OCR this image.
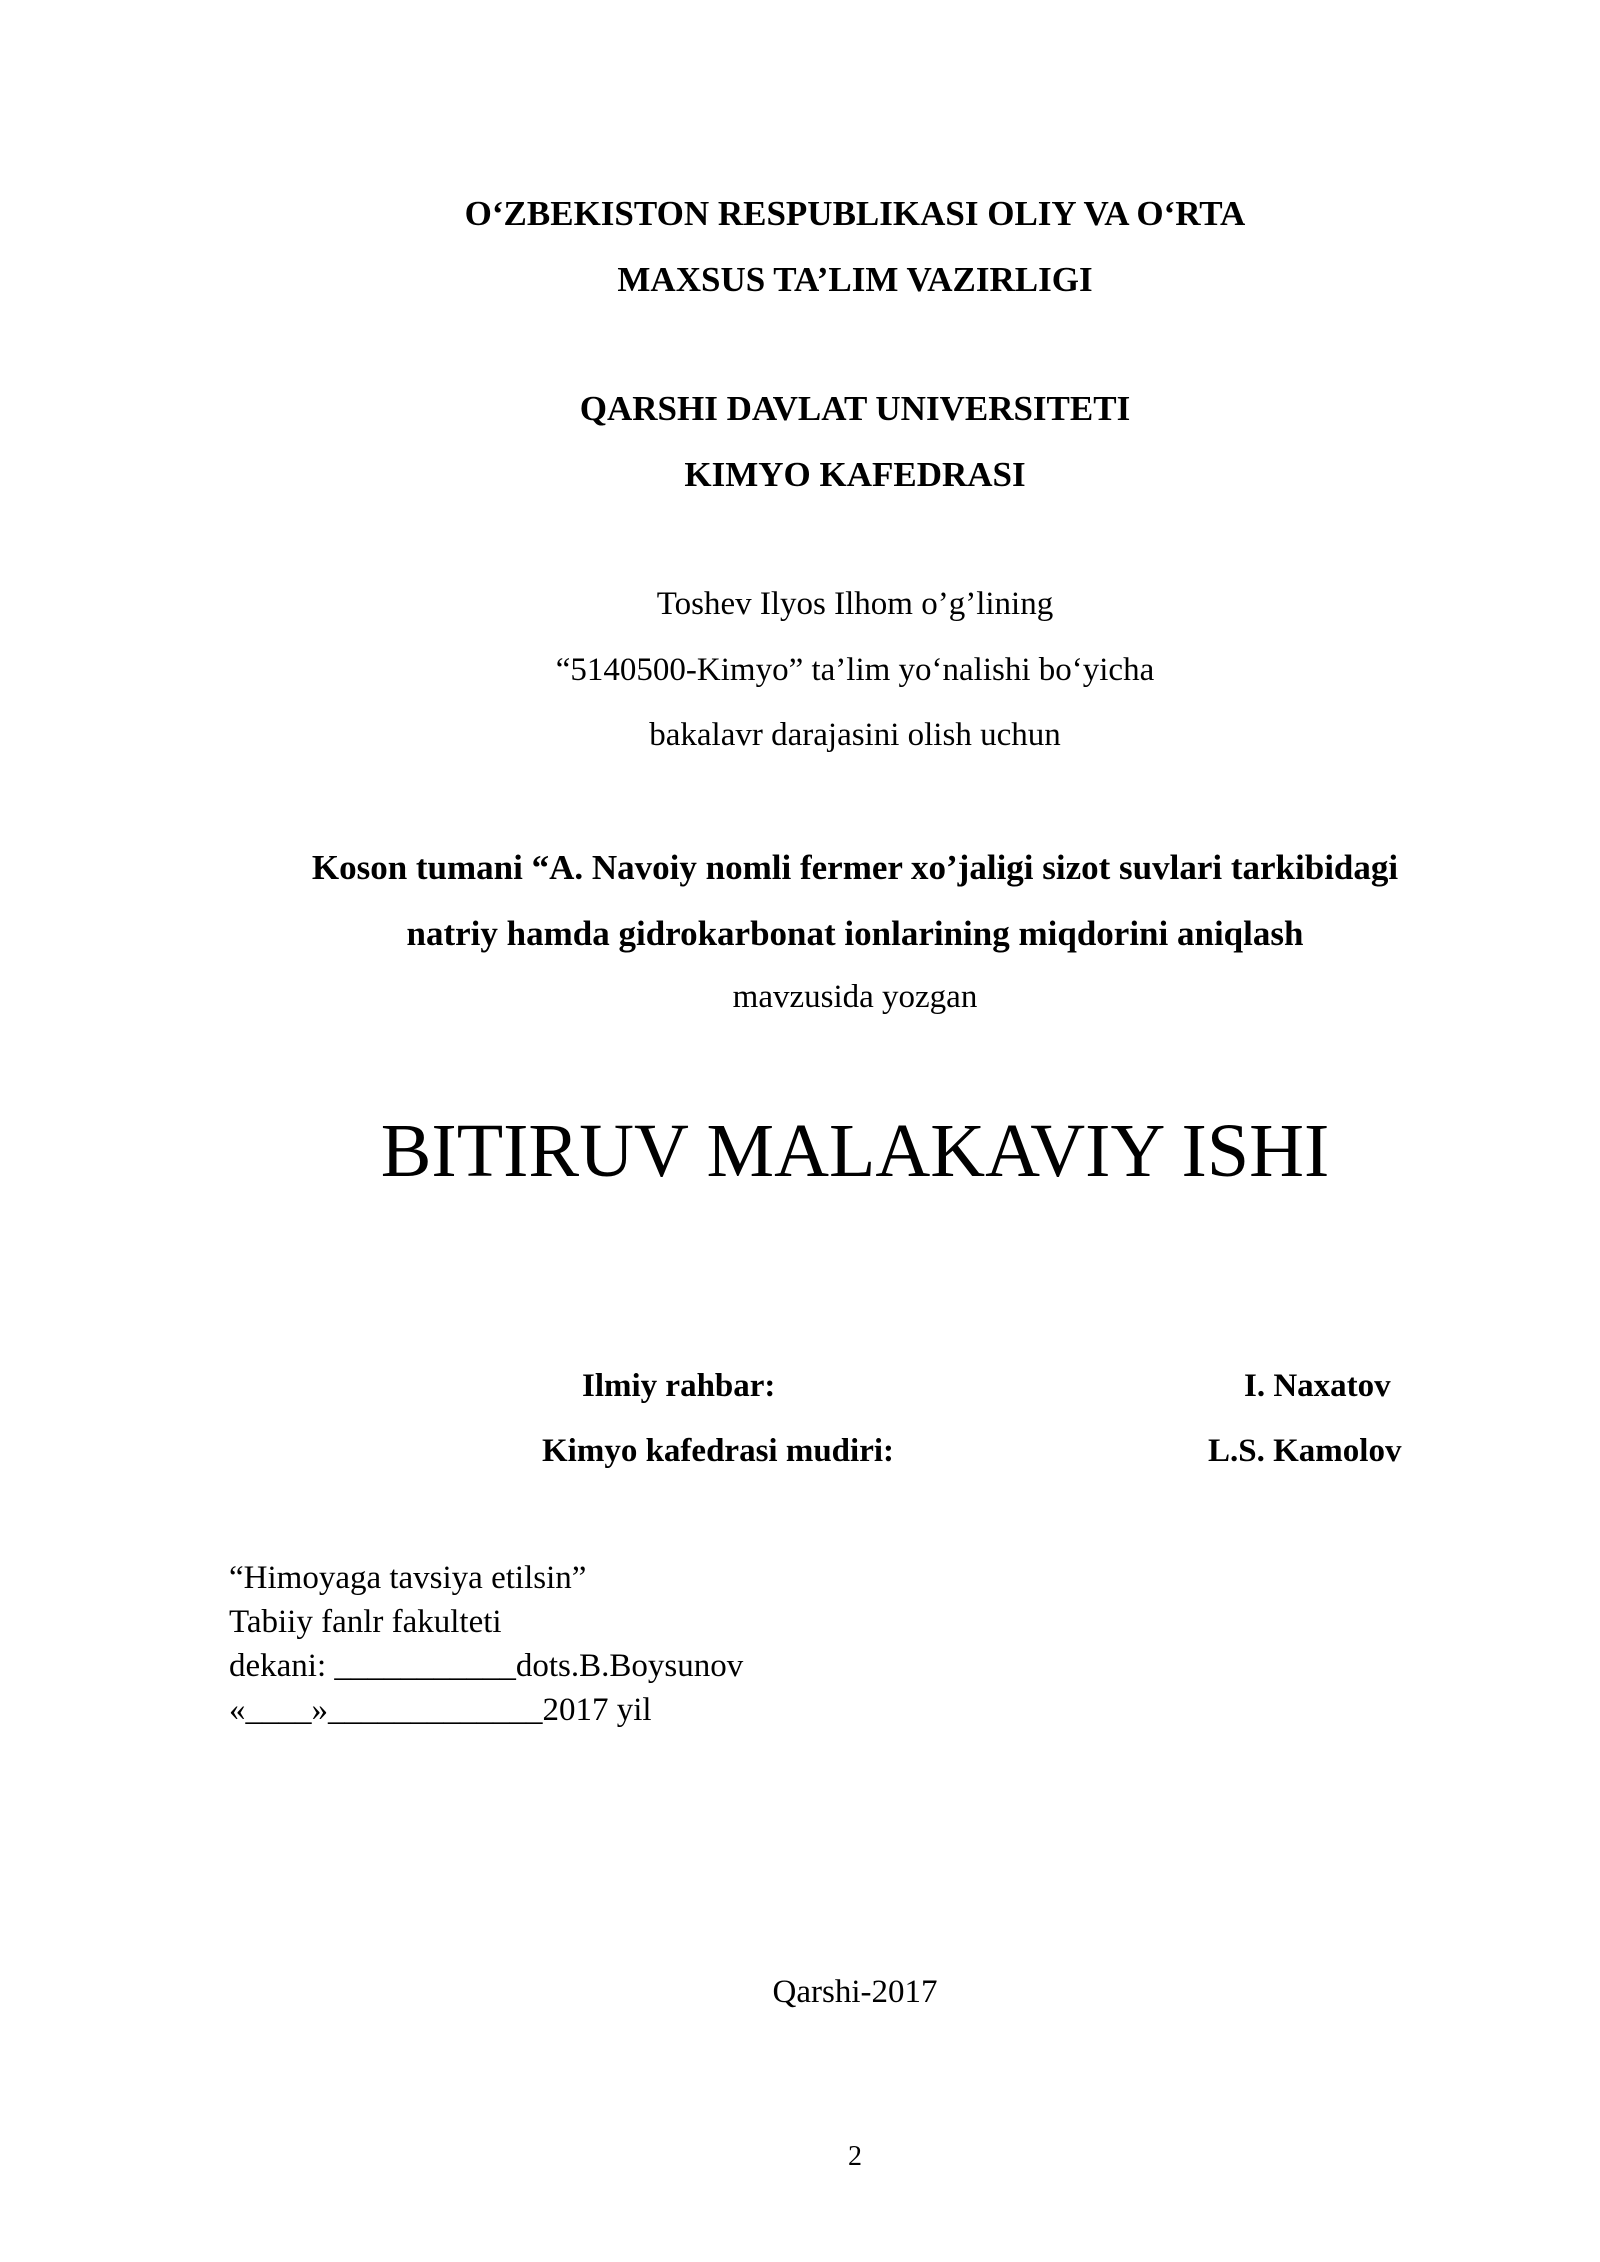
O‘ZBEKISTON RESPUBLIKASI OLIY VA O‘RTA
MAXSUS TA’LIM VAZIRLIGI
QARSHI DAVLAT UNIVERSITETI
KIMYO KAFEDRASI
Toshev Ilyos Ilhom o’g’lining
“5140500-Kimyo” ta’lim yo‘nalishi bo‘yicha
bakalavr darajasini olish uchun
Koson tumani “A. Navoiy nomli fermer xo’jaligi sizot suvlari tarkibidagi
natriy hamda gidrokarbonat ionlarining miqdorini aniqlash
mavzusida yozgan
BITIRUV MALAKAVIY ISHI
Ilmiy rahbar:	I. Naxatov
Kimyo kafedrasi mudiri:	L.S. Kamolov
“Himoyaga tavsiya etilsin”
Tabiiy fanlr fakulteti
dekani: ___________dots.B.Boysunov
«____»_____________2017 yil
Qarshi-2017
2
